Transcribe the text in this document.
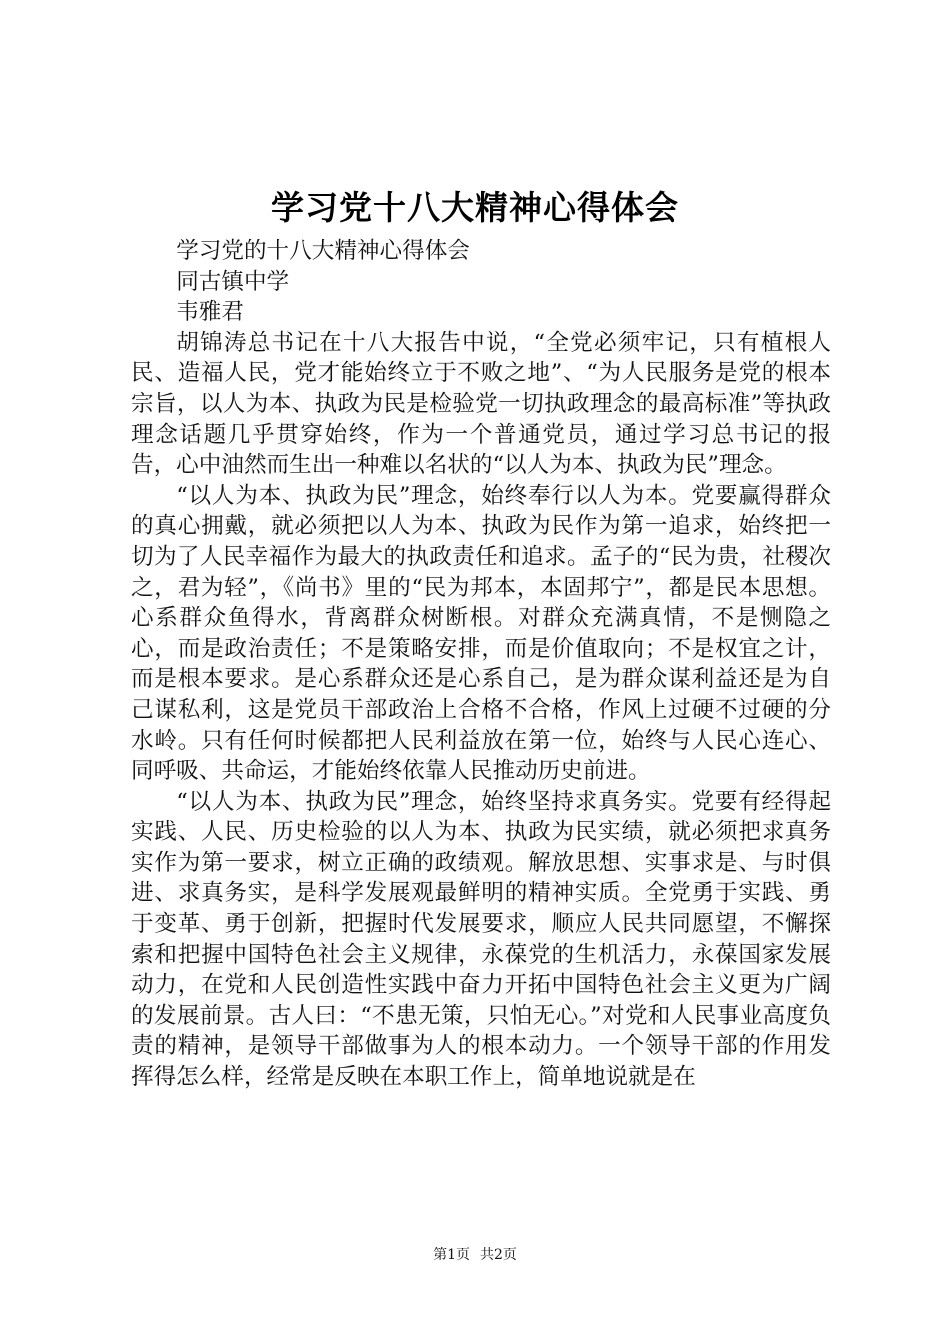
学习党十八大精神心得体会

学习党的十八大精神心得体会

同古镇中学

韦雅君

胡锦涛总书记在十八大报告中说，“全党必须牢记，只有植根人民、造福人民，党才能始终立于不败之地”、“为人民服务是党的根本宗旨，以人为本、执政为民是检验党一切执政理念的最高标准”等执政理念话题几乎贯穿始终，作为一个普通党员，通过学习总书记的报告，心中油然而生出一种难以名状的“以人为本、执政为民”理念。

“以人为本、执政为民”理念，始终奉行以人为本。党要赢得群众的真心拥戴，就必须把以人为本、执政为民作为第一追求，始终把一切为了人民幸福作为最大的执政责任和追求。孟子的“民为贵，社稷次之，君为轻”，《尚书》里的“民为邦本，本固邦宁”，都是民本思想。心系群众鱼得水，背离群众树断根。对群众充满真情，不是恻隐之心，而是政治责任；不是策略安排，而是价值取向；不是权宜之计，而是根本要求。是心系群众还是心系自己，是为群众谋利益还是为自己谋私利，这是党员干部政治上合格不合格，作风上过硬不过硬的分水岭。只有任何时候都把人民利益放在第一位，始终与人民心连心、同呼吸、共命运，才能始终依靠人民推动历史前进。

“以人为本、执政为民”理念，始终坚持求真务实。党要有经得起实践、人民、历史检验的以人为本、执政为民实绩，就必须把求真务实作为第一要求，树立正确的政绩观。解放思想、实事求是、与时俱进、求真务实，是科学发展观最鲜明的精神实质。全党勇于实践、勇于变革、勇于创新，把握时代发展要求，顺应人民共同愿望，不懈探索和把握中国特色社会主义规律，永葆党的生机活力，永葆国家发展动力，在党和人民创造性实践中奋力开拓中国特色社会主义更为广阔的发展前景。古人曰：“不患无策，只怕无心。”对党和人民事业高度负责的精神，是领导干部做事为人的根本动力。一个领导干部的作用发挥得怎么样，经常是反映在本职工作上，简单地说就是在

第1页 共2页
